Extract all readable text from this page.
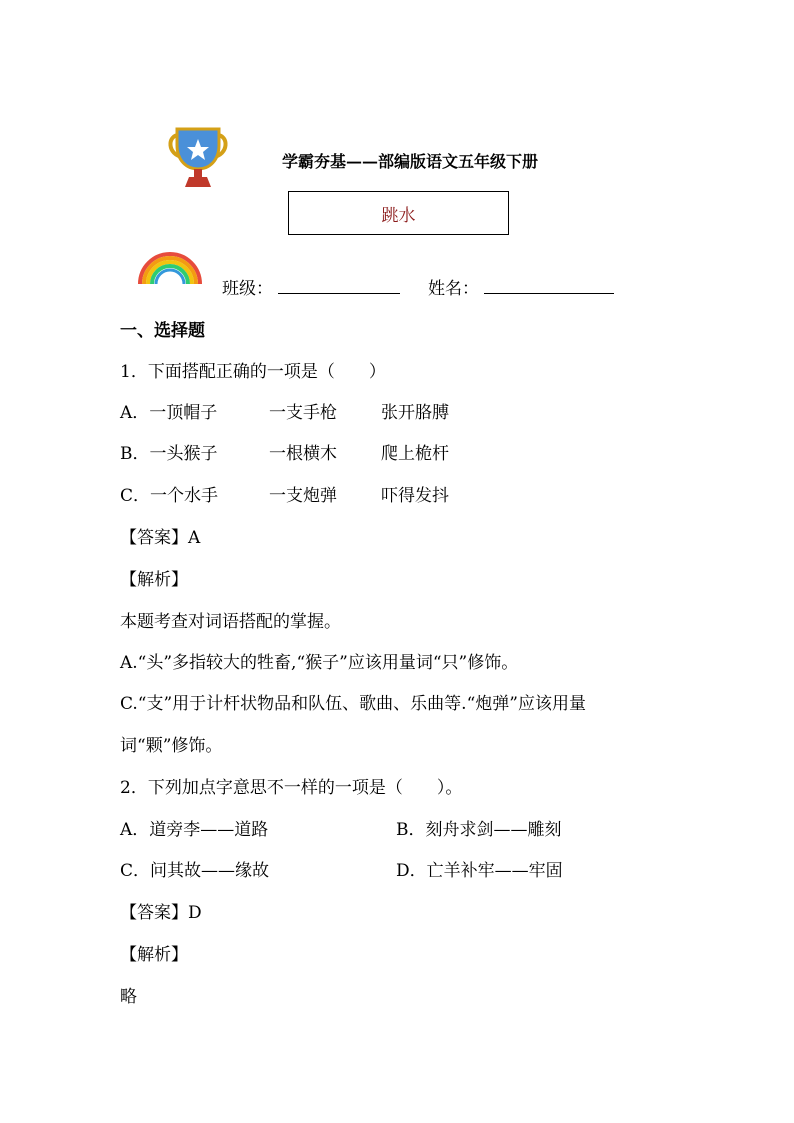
学霸夯基——部编版语文五年级下册
跳水
班级：	姓名：
一、选择题
1．下面搭配正确的一项是（　　）
A．一顶帽子	一支手枪	张开胳膊
B．一头猴子	一根横木	爬上桅杆
C．一个水手	一支炮弹	吓得发抖
【答案】A
【解析】
本题考查对词语搭配的掌握。
A.“头”多指较大的牲畜,“猴子”应该用量词“只”修饰。
C.“支”用于计杆状物品和队伍、歌曲、乐曲等.“炮弹”应该用量
词“颗”修饰。
2．下列加点字意思不一样的一项是（　　）。
A．道旁李——道路	B．刻舟求剑——雕刻
C．问其故——缘故	D．亡羊补牢——牢固
【答案】D
【解析】
略
